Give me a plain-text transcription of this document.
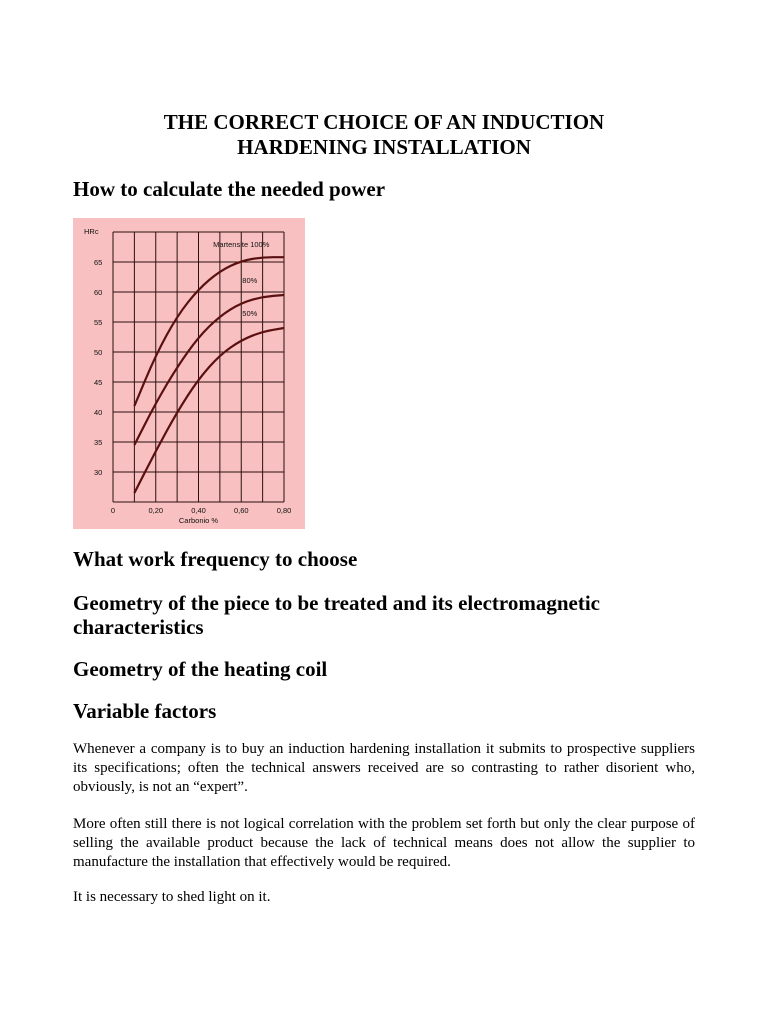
THE CORRECT CHOICE OF AN INDUCTION
HARDENING INSTALLATION
How to calculate the needed power
What work frequency to choose
Geometry of the piece to be treated and its electromagnetic
characteristics
Geometry of the heating coil
Variable factors

Whenever a company is to buy an induction hardening installation it submits to prospective suppliers its specifications; often the technical answers received are so contrasting to rather disorient who, obviously, is not an “expert”.

More often still there is not logical correlation with the problem set forth but only the clear purpose of selling the available product because the lack of technical means does not allow the supplier to manufacture the installation that effectively would be required.

It is necessary to shed light on it.

30
35
40
45
50
55
60
65
0	0,20	0,40	0,60	0,80
HRc
Carbonio %
Martensite 100%
80%
50%
